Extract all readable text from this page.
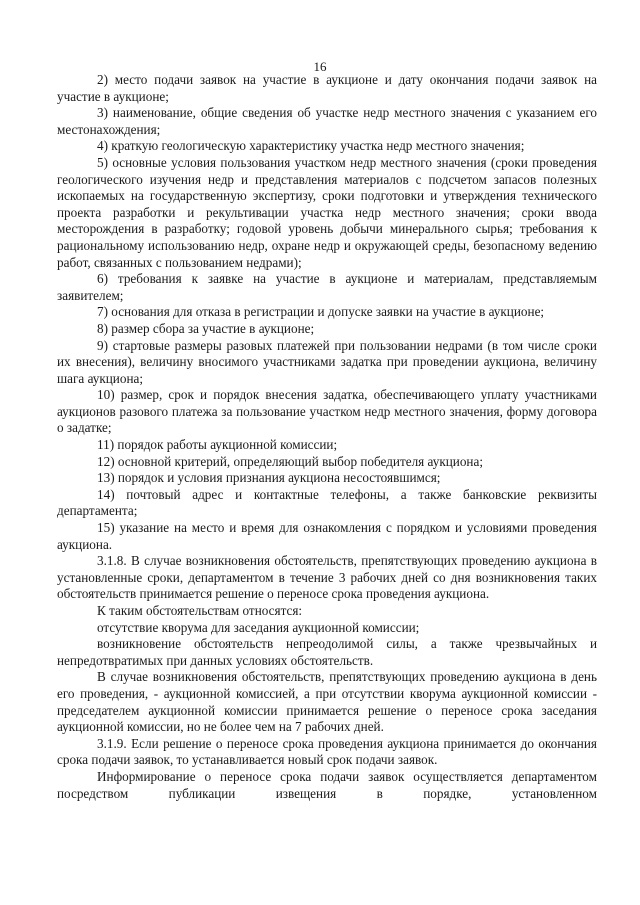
16

2) место подачи заявок на участие в аукционе и дату окончания подачи заявок на участие в аукционе;

3) наименование, общие сведения об участке недр местного значения с указанием его местонахождения;

4) краткую геологическую характеристику участка недр местного значения;

5) основные условия пользования участком недр местного значения (сроки проведения геологического изучения недр и представления материалов с подсчетом запасов полезных ископаемых на государственную экспертизу, сроки подготовки и утверждения технического проекта разработки и рекультивации участка недр местного значения; сроки ввода месторождения в разработку; годовой уровень добычи минерального сырья; требования к рациональному использованию недр, охране недр и окружающей среды, безопасному ведению работ, связанных с пользованием недрами);

6) требования к заявке на участие в аукционе и материалам, представляемым заявителем;

7) основания для отказа в регистрации и допуске заявки на участие в аукционе;

8) размер сбора за участие в аукционе;

9) стартовые размеры разовых платежей при пользовании недрами (в том числе сроки их внесения), величину вносимого участниками задатка при проведении аукциона, величину шага аукциона;

10) размер, срок и порядок внесения задатка, обеспечивающего уплату участниками аукционов разового платежа за пользование участком недр местного значения, форму договора о задатке;

11) порядок работы аукционной комиссии;

12) основной критерий, определяющий выбор победителя аукциона;

13) порядок и условия признания аукциона несостоявшимся;

14) почтовый адрес и контактные телефоны, а также банковские реквизиты департамента;

15) указание на место и время для ознакомления с порядком и условиями проведения аукциона.

3.1.8. В случае возникновения обстоятельств, препятствующих проведению аукциона в установленные сроки, департаментом в течение 3 рабочих дней со дня возникновения таких обстоятельств принимается решение о переносе срока проведения аукциона.

К таким обстоятельствам относятся:

отсутствие кворума для заседания аукционной комиссии;

возникновение обстоятельств непреодолимой силы, а также чрезвычайных и непредотвратимых при данных условиях обстоятельств.

В случае возникновения обстоятельств, препятствующих проведению аукциона в день его проведения, - аукционной комиссией, а при отсутствии кворума аукционной комиссии - председателем аукционной комиссии принимается решение о переносе срока заседания аукционной комиссии, но не более чем на 7 рабочих дней.

3.1.9. Если решение о переносе срока проведения аукциона принимается до окончания срока подачи заявок, то устанавливается новый срок подачи заявок.

Информирование о переносе срока подачи заявок осуществляется департаментом посредством публикации извещения в порядке, установленном
